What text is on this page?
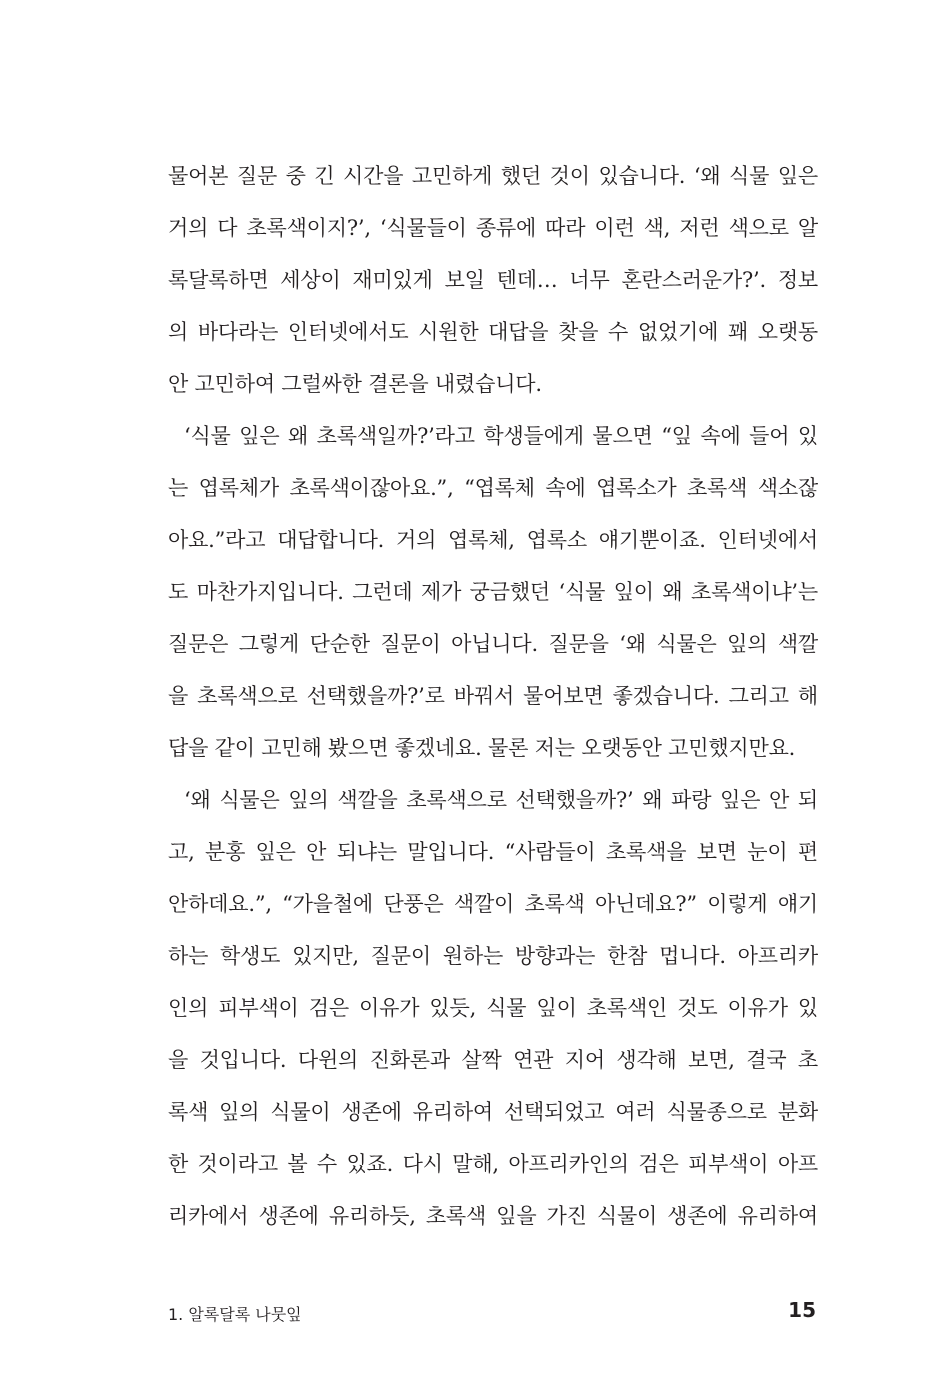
물어본 질문 중 긴 시간을 고민하게 했던 것이 있습니다. ‘왜 식물 잎은
거의 다 초록색이지?’, ‘식물들이 종류에 따라 이런 색, 저런 색으로 알
록달록하면 세상이 재미있게 보일 텐데… 너무 혼란스러운가?’. 정보
의 바다라는 인터넷에서도 시원한 대답을 찾을 수 없었기에 꽤 오랫동
안 고민하여 그럴싸한 결론을 내렸습니다.
‘식물 잎은 왜 초록색일까?’라고 학생들에게 물으면 “잎 속에 들어 있
는 엽록체가 초록색이잖아요.”, “엽록체 속에 엽록소가 초록색 색소잖
아요.”라고 대답합니다. 거의 엽록체, 엽록소 얘기뿐이죠. 인터넷에서
도 마찬가지입니다. 그런데 제가 궁금했던 ‘식물 잎이 왜 초록색이냐’는
질문은 그렇게 단순한 질문이 아닙니다. 질문을 ‘왜 식물은 잎의 색깔
을 초록색으로 선택했을까?’로 바꿔서 물어보면 좋겠습니다. 그리고 해
답을 같이 고민해 봤으면 좋겠네요. 물론 저는 오랫동안 고민했지만요.
‘왜 식물은 잎의 색깔을 초록색으로 선택했을까?’ 왜 파랑 잎은 안 되
고, 분홍 잎은 안 되냐는 말입니다. “사람들이 초록색을 보면 눈이 편
안하데요.”, “가을철에 단풍은 색깔이 초록색 아닌데요?” 이렇게 얘기
하는 학생도 있지만, 질문이 원하는 방향과는 한참 멉니다. 아프리카
인의 피부색이 검은 이유가 있듯, 식물 잎이 초록색인 것도 이유가 있
을 것입니다. 다윈의 진화론과 살짝 연관 지어 생각해 보면, 결국 초
록색 잎의 식물이 생존에 유리하여 선택되었고 여러 식물종으로 분화
한 것이라고 볼 수 있죠. 다시 말해, 아프리카인의 검은 피부색이 아프
리카에서 생존에 유리하듯, 초록색 잎을 가진 식물이 생존에 유리하여
1. 알록달록 나뭇잎	15
